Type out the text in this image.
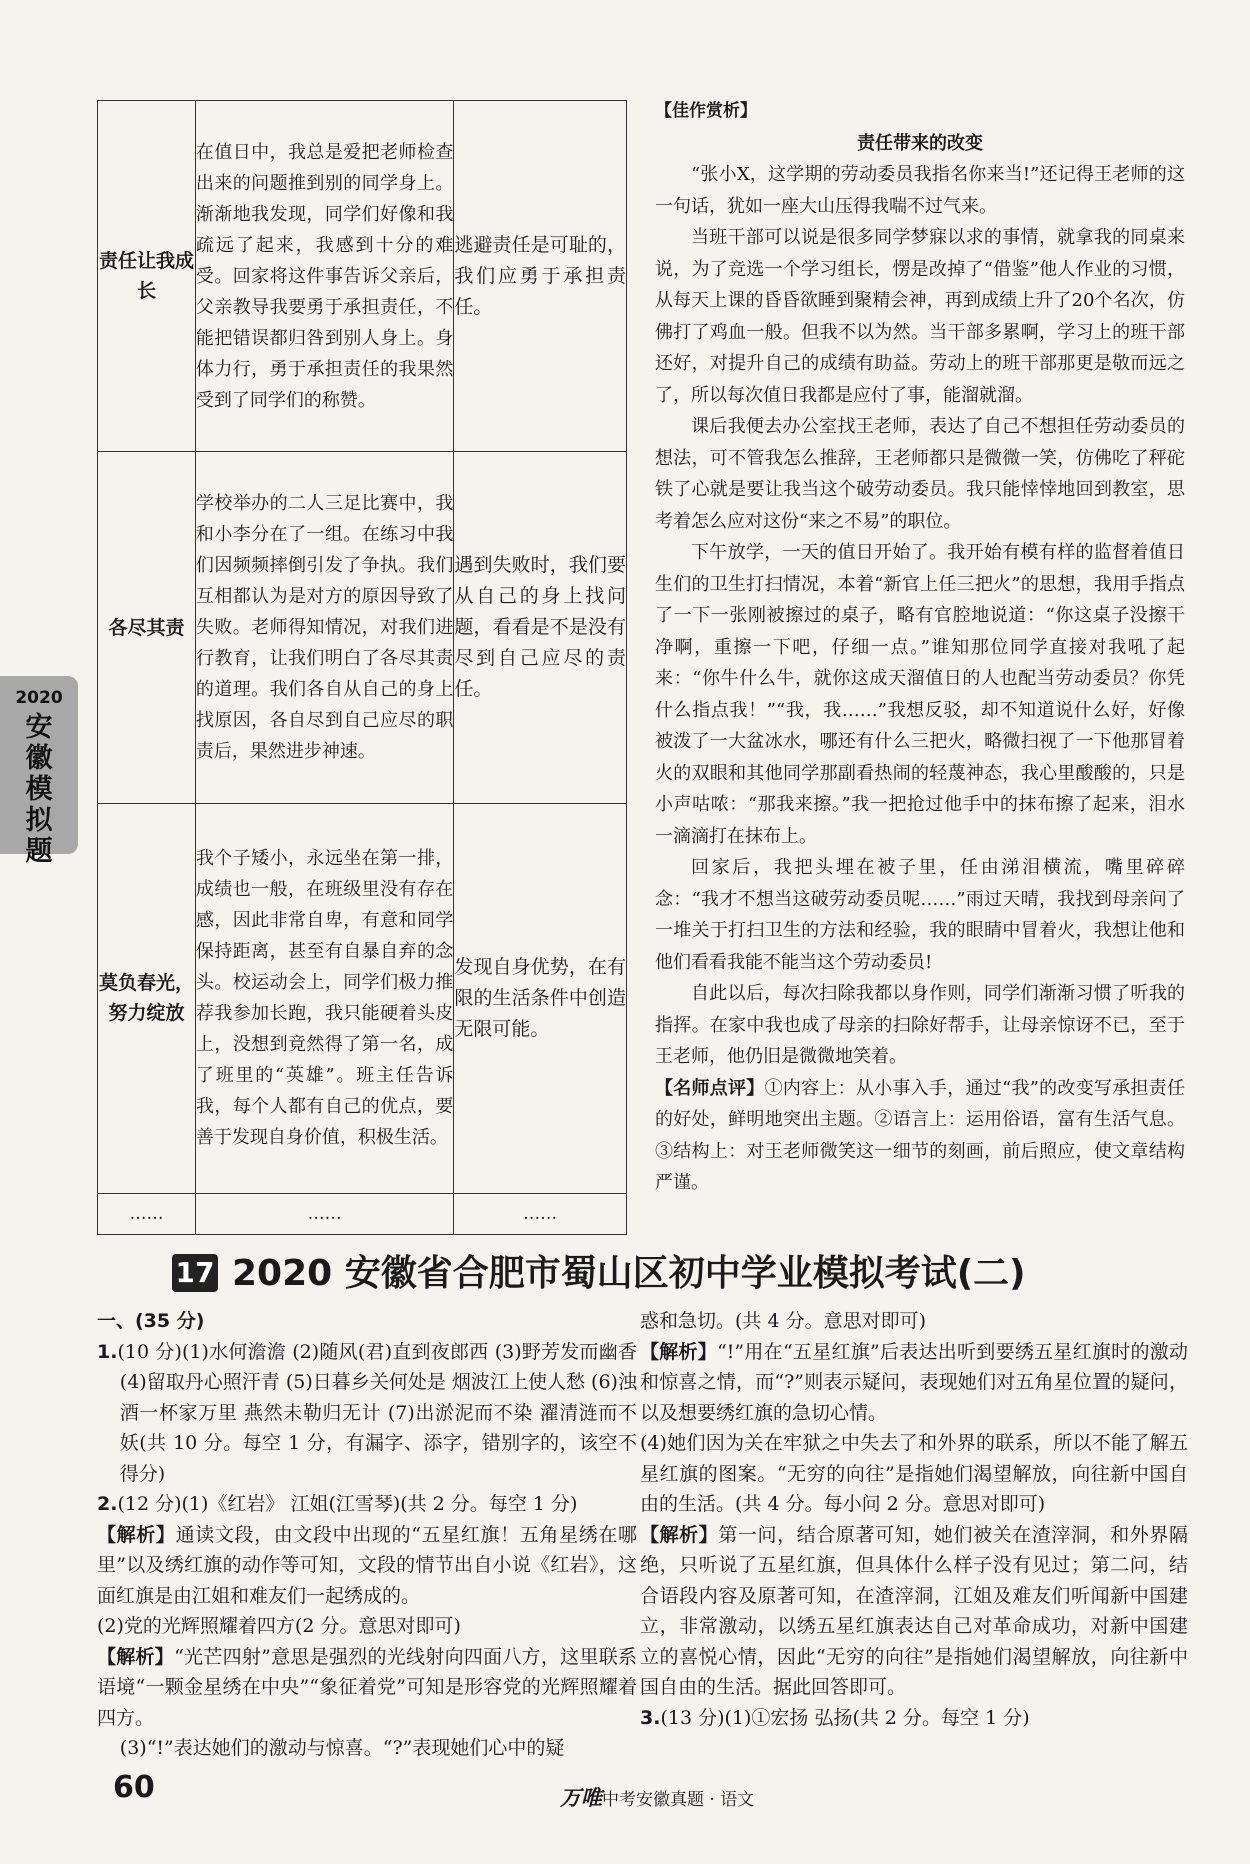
2020
安
徽
模
拟
题
责任让我成长	在值日中，我总是爱把老师检查出来的问题推到别的同学身上。渐渐地我发现，同学们好像和我疏远了起来，我感到十分的难受。回家将这件事告诉父亲后，父亲教导我要勇于承担责任，不能把错误都归咎到别人身上。身体力行，勇于承担责任的我果然受到了同学们的称赞。	逃避责任是可耻的，我们应勇于承担责任。
各尽其责	学校举办的二人三足比赛中，我和小李分在了一组。在练习中我们因频频摔倒引发了争执。我们互相都认为是对方的原因导致了失败。老师得知情况，对我们进行教育，让我们明白了各尽其责的道理。我们各自从自己的身上找原因，各自尽到自己应尽的职责后，果然进步神速。	遇到失败时，我们要从自己的身上找问题，看看是不是没有尽到自己应尽的责任。
莫负春光，努力绽放	我个子矮小，永远坐在第一排，成绩也一般，在班级里没有存在感，因此非常自卑，有意和同学保持距离，甚至有自暴自弃的念头。校运动会上，同学们极力推荐我参加长跑，我只能硬着头皮上，没想到竟然得了第一名，成了班里的“英雄”。班主任告诉我，每个人都有自己的优点，要善于发现自身价值，积极生活。	发现自身优势，在有限的生活条件中创造无限可能。
……	……	……

【佳作赏析】

责任带来的改变

“张小X，这学期的劳动委员我指名你来当!”还记得王老师的这一句话，犹如一座大山压得我喘不过气来。

当班干部可以说是很多同学梦寐以求的事情，就拿我的同桌来说，为了竞选一个学习组长，愣是改掉了“借鉴”他人作业的习惯，从每天上课的昏昏欲睡到聚精会神，再到成绩上升了20个名次，仿佛打了鸡血一般。但我不以为然。当干部多累啊，学习上的班干部还好，对提升自己的成绩有助益。劳动上的班干部那更是敬而远之了，所以每次值日我都是应付了事，能溜就溜。

课后我便去办公室找王老师，表达了自己不想担任劳动委员的想法，可不管我怎么推辞，王老师都只是微微一笑，仿佛吃了秤砣铁了心就是要让我当这个破劳动委员。我只能悻悻地回到教室，思考着怎么应对这份“来之不易”的职位。

下午放学，一天的值日开始了。我开始有模有样的监督着值日生们的卫生打扫情况，本着“新官上任三把火”的思想，我用手指点了一下一张刚被擦过的桌子，略有官腔地说道：“你这桌子没擦干净啊，重擦一下吧，仔细一点。”谁知那位同学直接对我吼了起来：“你牛什么牛，就你这成天溜值日的人也配当劳动委员？你凭什么指点我！”“我，我……”我想反驳，却不知道说什么好，好像被泼了一大盆冰水，哪还有什么三把火，略微扫视了一下他那冒着火的双眼和其他同学那副看热闹的轻蔑神态，我心里酸酸的，只是小声咕哝：“那我来擦。”我一把抢过他手中的抹布擦了起来，泪水一滴滴打在抹布上。

回家后，我把头埋在被子里，任由涕泪横流，嘴里碎碎念：“我才不想当这破劳动委员呢……”雨过天晴，我找到母亲问了一堆关于打扫卫生的方法和经验，我的眼睛中冒着火，我想让他和他们看看我能不能当这个劳动委员!

自此以后，每次扫除我都以身作则，同学们渐渐习惯了听我的指挥。在家中我也成了母亲的扫除好帮手，让母亲惊讶不已，至于王老师，他仍旧是微微地笑着。

【名师点评】①内容上：从小事入手，通过“我”的改变写承担责任的好处，鲜明地突出主题。②语言上：运用俗语，富有生活气息。③结构上：对王老师微笑这一细节的刻画，前后照应，使文章结构严谨。

17 2020 安徽省合肥市蜀山区初中学业模拟考试(二)

一、(35 分)

1.(10 分)(1)水何澹澹 (2)随风(君)直到夜郎西 (3)野芳发而幽香 (4)留取丹心照汗青 (5)日暮乡关何处是 烟波江上使人愁 (6)浊酒一杯家万里 燕然未勒归无计 (7)出淤泥而不染 濯清涟而不妖(共 10 分。每空 1 分，有漏字、添字，错别字的，该空不得分)

2.(12 分)(1)《红岩》 江姐(江雪琴)(共 2 分。每空 1 分)

【解析】通读文段，由文段中出现的“五星红旗！五角星绣在哪里”以及绣红旗的动作等可知，文段的情节出自小说《红岩》，这面红旗是由江姐和难友们一起绣成的。

(2)党的光辉照耀着四方(2 分。意思对即可)

【解析】“光芒四射”意思是强烈的光线射向四面八方，这里联系语境“一颗金星绣在中央”“象征着党”可知是形容党的光辉照耀着四方。

(3)“!”表达她们的激动与惊喜。“?”表现她们心中的疑

惑和急切。(共 4 分。意思对即可)

【解析】“!”用在“五星红旗”后表达出听到要绣五星红旗时的激动和惊喜之情，而“?”则表示疑问，表现她们对五角星位置的疑问，以及想要绣红旗的急切心情。

(4)她们因为关在牢狱之中失去了和外界的联系，所以不能了解五星红旗的图案。“无穷的向往”是指她们渴望解放，向往新中国自由的生活。(共 4 分。每小问 2 分。意思对即可)

【解析】第一问，结合原著可知，她们被关在渣滓洞，和外界隔绝，只听说了五星红旗，但具体什么样子没有见过；第二问，结合语段内容及原著可知，在渣滓洞，江姐及难友们听闻新中国建立，非常激动，以绣五星红旗表达自己对革命成功，对新中国建立的喜悦心情，因此“无穷的向往”是指她们渴望解放，向往新中国自由的生活。据此回答即可。

3.(13 分)(1)①宏扬 弘扬(共 2 分。每空 1 分)

60	万唯中考安徽真题 · 语文
